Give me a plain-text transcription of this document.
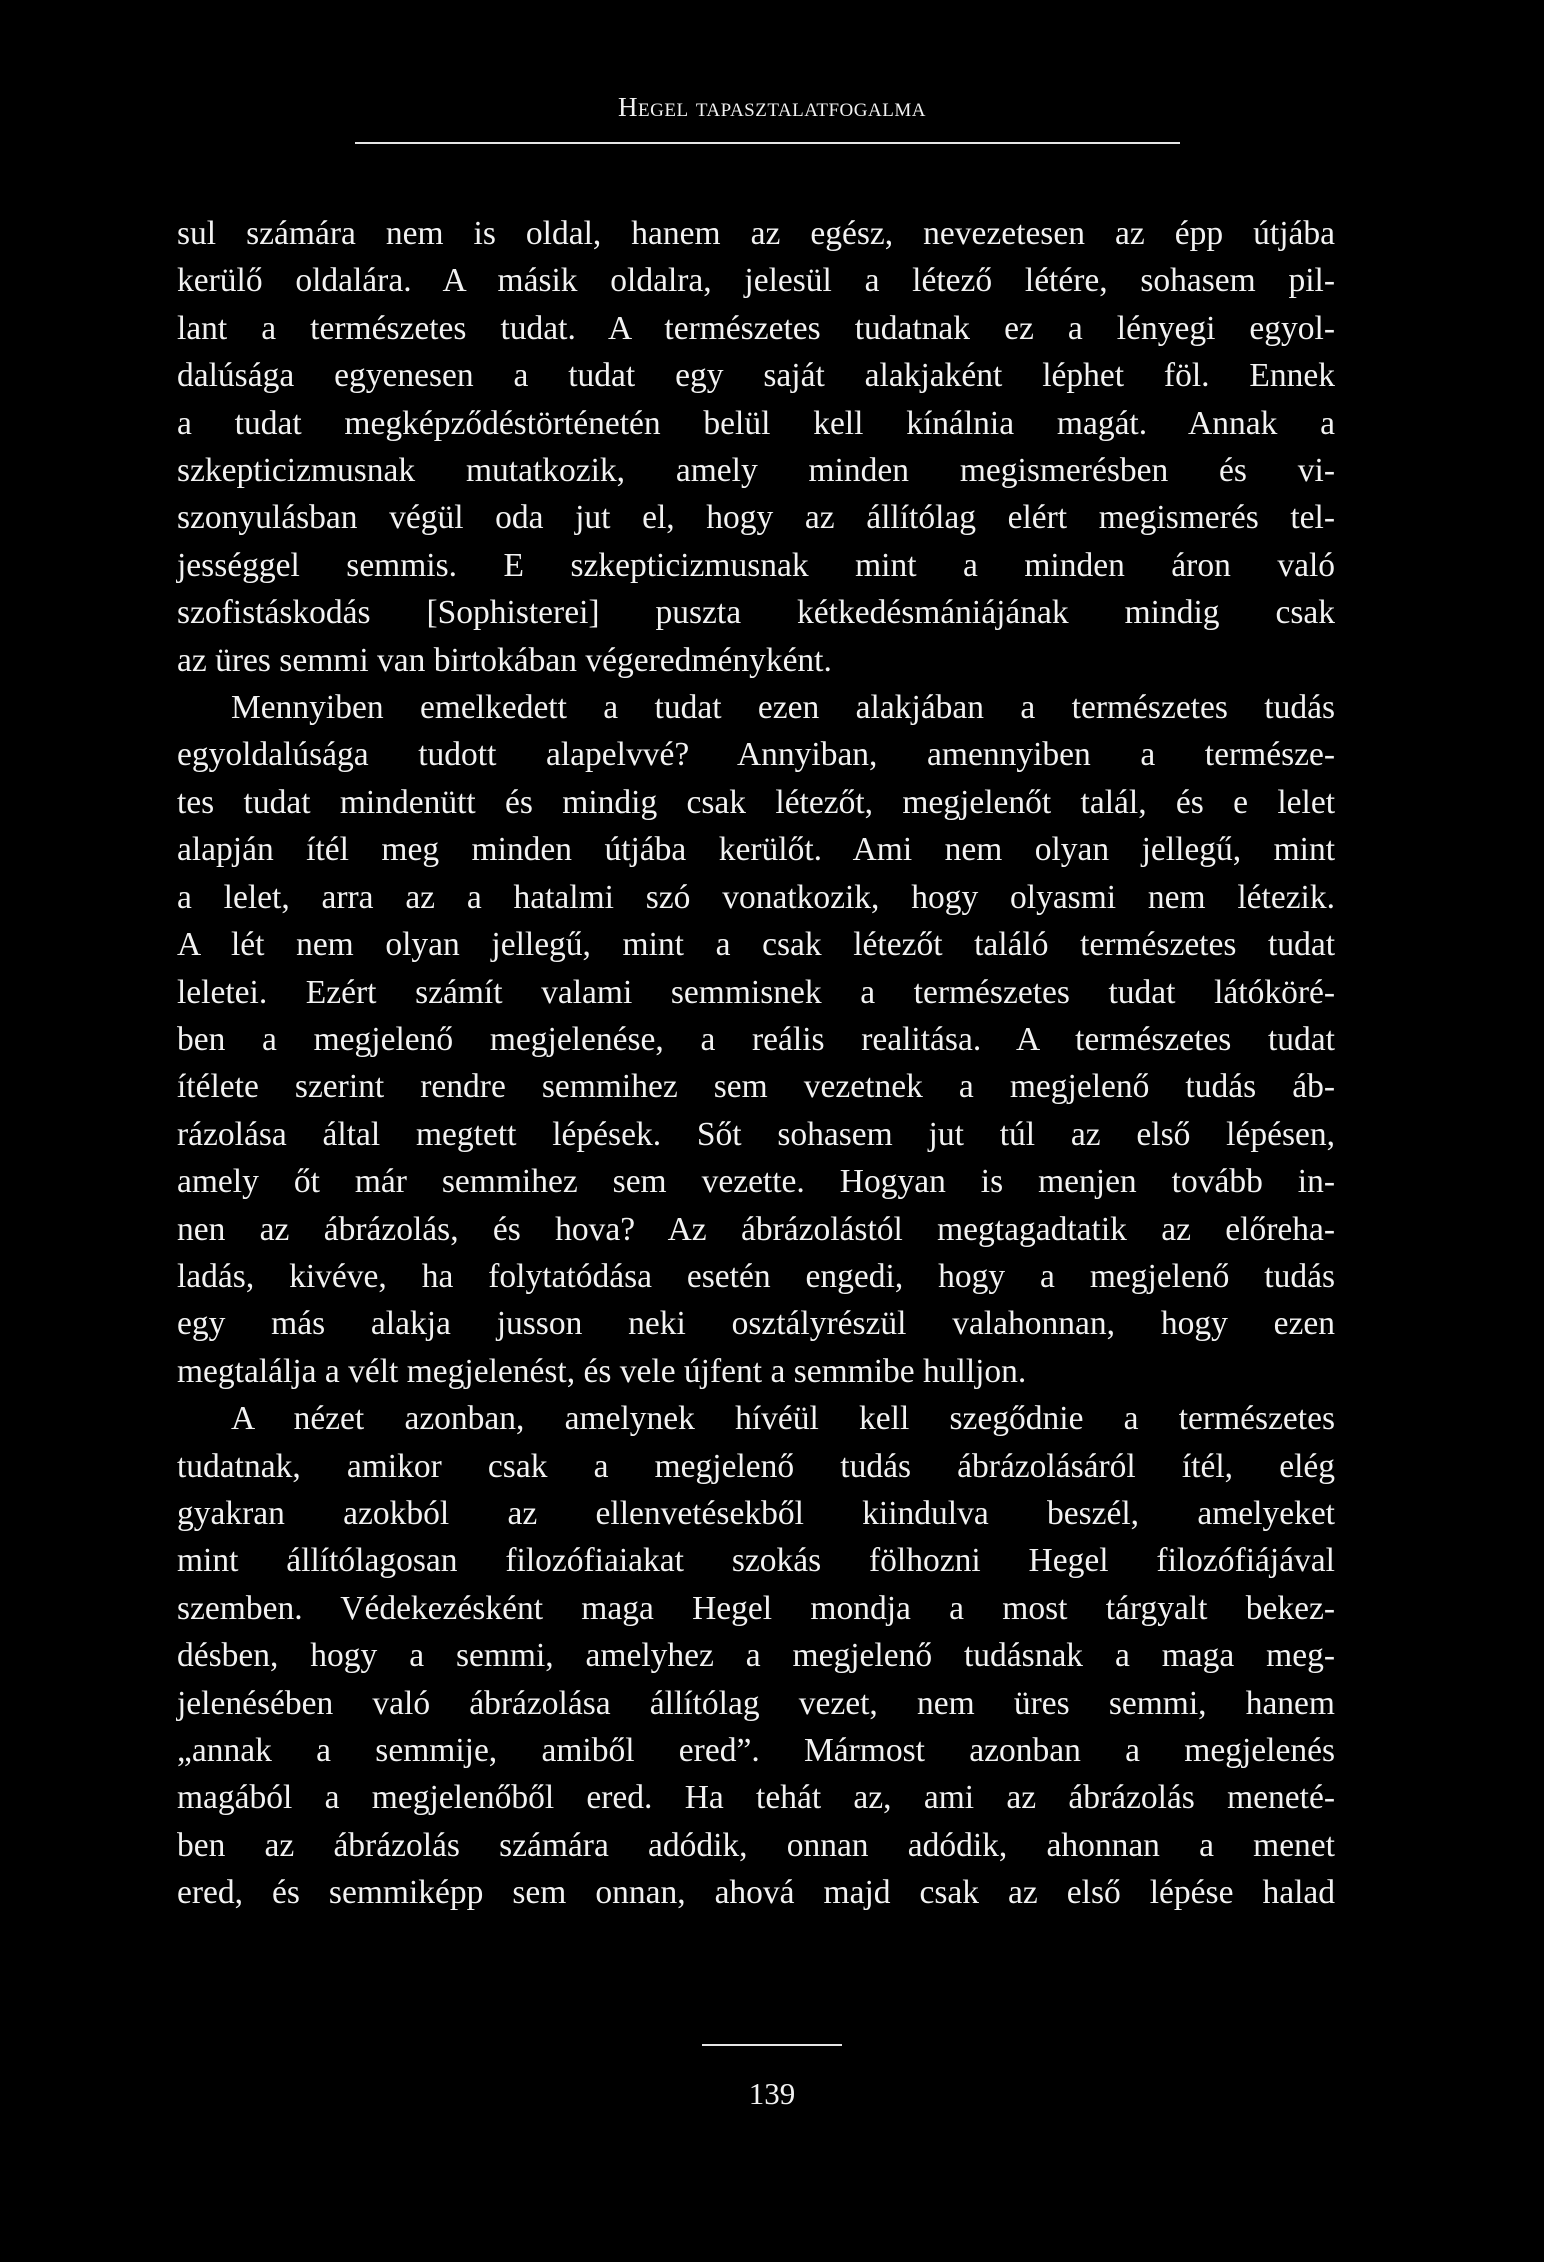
Hegel tapasztalatfogalma
sul számára nem is oldal, hanem az egész, nevezetesen az épp útjába
kerülő oldalára. A másik oldalra, jelesül a létező létére, sohasem pil-
lant a természetes tudat. A természetes tudatnak ez a lényegi egyol-
dalúsága egyenesen a tudat egy saját alakjaként léphet föl. Ennek
a tudat megképződéstörténetén belül kell kínálnia magát. Annak a
szkepticizmusnak mutatkozik, amely minden megismerésben és vi-
szonyulásban végül oda jut el, hogy az állítólag elért megismerés tel-
jességgel semmis. E szkepticizmusnak mint a minden áron való
szofistáskodás [Sophisterei] puszta kétkedésmániájának mindig csak
az üres semmi van birtokában végeredményként.
Mennyiben emelkedett a tudat ezen alakjában a természetes tudás
egyoldalúsága tudott alapelvvé? Annyiban, amennyiben a természe-
tes tudat mindenütt és mindig csak létezőt, megjelenőt talál, és e lelet
alapján ítél meg minden útjába kerülőt. Ami nem olyan jellegű, mint
a lelet, arra az a hatalmi szó vonatkozik, hogy olyasmi nem létezik.
A lét nem olyan jellegű, mint a csak létezőt találó természetes tudat
leletei. Ezért számít valami semmisnek a természetes tudat látóköré-
ben a megjelenő megjelenése, a reális realitása. A természetes tudat
ítélete szerint rendre semmihez sem vezetnek a megjelenő tudás áb-
rázolása által megtett lépések. Sőt sohasem jut túl az első lépésen,
amely őt már semmihez sem vezette. Hogyan is menjen tovább in-
nen az ábrázolás, és hova? Az ábrázolástól megtagadtatik az előreha-
ladás, kivéve, ha folytatódása esetén engedi, hogy a megjelenő tudás
egy más alakja jusson neki osztályrészül valahonnan, hogy ezen
megtalálja a vélt megjelenést, és vele újfent a semmibe hulljon.
A nézet azonban, amelynek hívéül kell szegődnie a természetes
tudatnak, amikor csak a megjelenő tudás ábrázolásáról ítél, elég
gyakran azokból az ellenvetésekből kiindulva beszél, amelyeket
mint állítólagosan filozófiaiakat szokás fölhozni Hegel filozófiájával
szemben. Védekezésként maga Hegel mondja a most tárgyalt bekez-
désben, hogy a semmi, amelyhez a megjelenő tudásnak a maga meg-
jelenésében való ábrázolása állítólag vezet, nem üres semmi, hanem
„annak a semmije, amiből ered”. Mármost azonban a megjelenés
magából a megjelenőből ered. Ha tehát az, ami az ábrázolás meneté-
ben az ábrázolás számára adódik, onnan adódik, ahonnan a menet
ered, és semmiképp sem onnan, ahová majd csak az első lépése halad
139
